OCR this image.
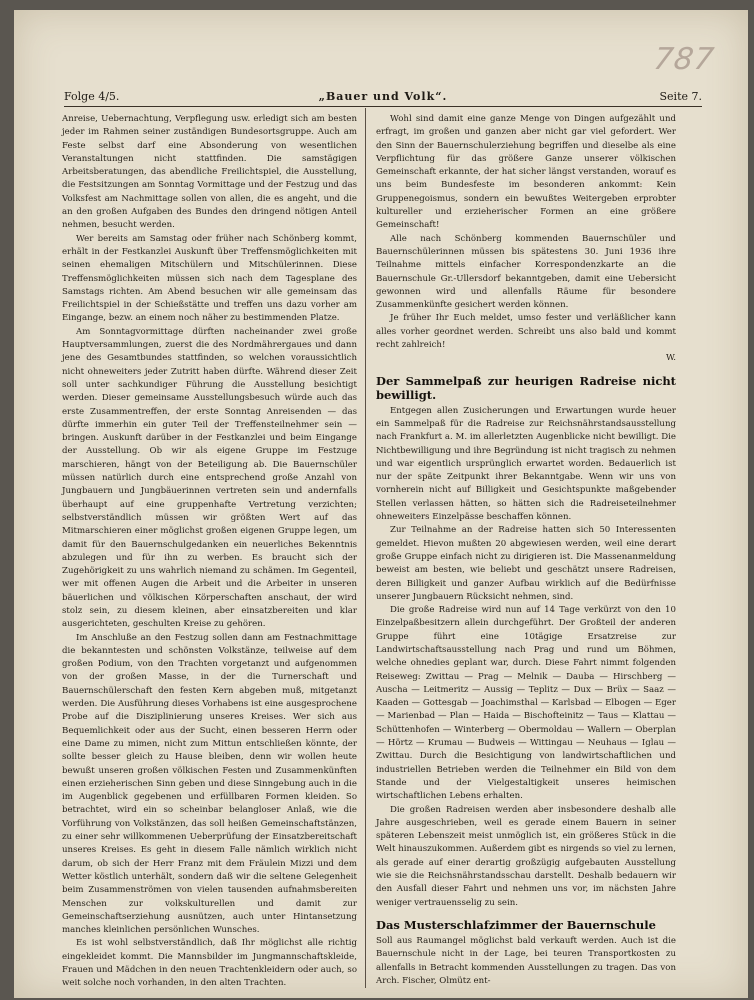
787
Folge 4/5.	„Bauer und Volk“.	Seite 7.

Anreise, Uebernachtung, Verpflegung usw. erledigt sich am besten jeder im Rahmen seiner zuständigen Bundesortsgruppe. Auch am Feste selbst darf eine Absonderung von wesentlichen Veranstaltungen nicht stattfinden. Die samstägigen Arbeitsberatungen, das abendliche Freilichtspiel, die Ausstellung, die Festsitzungen am Sonntag Vormittage und der Festzug und das Volksfest am Nachmittage sollen von allen, die es angeht, und die an den großen Aufgaben des Bundes den dringend nötigen Anteil nehmen, besucht werden.

Wer bereits am Samstag oder früher nach Schönberg kommt, erhält in der Festkanzlei Auskunft über Treffensmöglichkeiten mit seinen ehemaligen Mitschülern und Mitschülerinnen. Diese Treffensmöglichkeiten müssen sich nach dem Tagesplane des Samstags richten. Am Abend besuchen wir alle gemeinsam das Freilichtspiel in der Schießstätte und treffen uns dazu vorher am Eingange, bezw. an einem noch näher zu bestimmenden Platze.

Am Sonntagvormittage dürften nacheinander zwei große Hauptversammlungen, zuerst die des Nordmährergaues und dann jene des Gesamtbundes stattfinden, so welchen voraussichtlich nicht ohneweiters jeder Zutritt haben dürfte. Während dieser Zeit soll unter sachkundiger Führung die Ausstellung besichtigt werden. Dieser gemeinsame Ausstellungsbesuch würde auch das erste Zusammentreffen, der erste Sonntag Anreisenden — das dürfte immerhin ein guter Teil der Treffensteilnehmer sein — bringen. Auskunft darüber in der Festkanzlei und beim Eingange der Ausstellung. Ob wir als eigene Gruppe im Festzuge marschieren, hängt von der Beteiligung ab. Die Bauernschüler müssen natürlich durch eine entsprechend große Anzahl von Jungbauern und Jungbäuerinnen vertreten sein und andernfalls überhaupt auf eine gruppenhafte Vertretung verzichten; selbstverständlich müssen wir größten Wert auf das Mitmarschieren einer möglichst großen eigenen Gruppe legen, um damit für den Bauernschulgedanken ein neuerliches Bekenntnis abzulegen und für ihn zu werben. Es braucht sich der Zugehörigkeit zu uns wahrlich niemand zu schämen. Im Gegenteil, wer mit offenen Augen die Arbeit und die Arbeiter in unseren bäuerlichen und völkischen Körperschaften anschaut, der wird stolz sein, zu diesem kleinen, aber einsatzbereiten und klar ausgerichteten, geschulten Kreise zu gehören.

Im Anschluße an den Festzug sollen dann am Festnachmittage die bekanntesten und schönsten Volkstänze, teilweise auf dem großen Podium, von den Trachten vorgetanzt und aufgenommen von der großen Masse, in der die Turnerschaft und Bauernschülerschaft den festen Kern abgeben muß, mitgetanzt werden. Die Ausführung dieses Vorhabens ist eine ausgesprochene Probe auf die Disziplinierung unseres Kreises. Wer sich aus Bequemlichkeit oder aus der Sucht, einen besseren Herrn oder eine Dame zu mimen, nicht zum Mittun entschließen könnte, der sollte besser gleich zu Hause bleiben, denn wir wollen heute bewußt unseren großen völkischen Festen und Zusammenkünften einen erzieherischen Sinn geben und diese Sinngebung auch in die im Augenblick gegebenen und erfüllbaren Formen kleiden. So betrachtet, wird ein so scheinbar belangloser Anlaß, wie die Vorführung von Volkstänzen, das soll heißen Gemeinschaftstänzen, zu einer sehr willkommenen Ueberprüfung der Einsatzbereitschaft unseres Kreises. Es geht in diesem Falle nämlich wirklich nicht darum, ob sich der Herr Franz mit dem Fräulein Mizzi und dem Wetter köstlich unterhält, sondern daß wir die seltene Gelegenheit beim Zusammenströmen von vielen tausenden aufnahmsbereiten Menschen zur volkskulturellen und damit zur Gemeinschaftserziehung ausnützen, auch unter Hintansetzung manches kleinlichen persönlichen Wunsches.

Es ist wohl selbstverständlich, daß Ihr möglichst alle richtig eingekleidet kommt. Die Mannsbilder im Jungmannschaftskleide, Frauen und Mädchen in den neuen Trachtenkleidern oder auch, so weit solche noch vorhanden, in den alten Trachten.

Wohl sind damit eine ganze Menge von Dingen aufgezählt und erfragt, im großen und ganzen aber nicht gar viel gefordert. Wer den Sinn der Bauernschulerziehung begriffen und dieselbe als eine Verpflichtung für das größere Ganze unserer völkischen Gemeinschaft erkannte, der hat sicher längst verstanden, worauf es uns beim Bundesfeste im besonderen ankommt: Kein Gruppenegoismus, sondern ein bewußtes Weitergeben erprobter kultureller und erzieherischer Formen an eine größere Gemeinschaft!

Alle nach Schönberg kommenden Bauernschüler und Bauernschülerinnen müssen bis spätestens 30. Juni 1936 ihre Teilnahme mittels einfacher Korrespondenzkarte an die Bauernschule Gr.-Ullersdorf bekanntgeben, damit eine Uebersicht gewonnen wird und allenfalls Räume für besondere Zusammenkünfte gesichert werden können.

Je früher Ihr Euch meldet, umso fester und verläßlicher kann alles vorher geordnet werden. Schreibt uns also bald und kommt recht zahlreich!

W.

Der Sammelpaß zur heurigen Radreise nicht bewilligt.

Entgegen allen Zusicherungen und Erwartungen wurde heuer ein Sammelpaß für die Radreise zur Reichsnährstandsausstellung nach Frankfurt a. M. im allerletzten Augenblicke nicht bewilligt. Die Nichtbewilligung und ihre Begründung ist nicht tragisch zu nehmen und war eigentlich ursprünglich erwartet worden. Bedauerlich ist nur der späte Zeitpunkt ihrer Bekanntgabe. Wenn wir uns von vornherein nicht auf Billigkeit und Gesichtspunkte maßgebender Stellen verlassen hätten, so hätten sich die Radreiseteilnehmer ohneweiters Einzelpässe beschaffen können.

Zur Teilnahme an der Radreise hatten sich 50 Interessenten gemeldet. Hievon mußten 20 abgewiesen werden, weil eine derart große Gruppe einfach nicht zu dirigieren ist. Die Massenanmeldung beweist am besten, wie beliebt und geschätzt unsere Radreisen, deren Billigkeit und ganzer Aufbau wirklich auf die Bedürfnisse unserer Jungbauern Rücksicht nehmen, sind.

Die große Radreise wird nun auf 14 Tage verkürzt von den 10 Einzelpaßbesitzern allein durchgeführt. Der Großteil der anderen Gruppe führt eine 10tägige Ersatzreise zur Landwirtschaftsausstellung nach Prag und rund um Böhmen, welche ohnedies geplant war, durch. Diese Fahrt nimmt folgenden Reiseweg: Zwittau — Prag — Melnik — Dauba — Hirschberg — Auscha — Leitmeritz — Aussig — Teplitz — Dux — Brüx — Saaz — Kaaden — Gottesgab — Joachimsthal — Karlsbad — Elbogen — Eger — Marienbad — Plan — Haida — Bischofteinitz — Taus — Klattau — Schüttenhofen — Winterberg — Obermoldau — Wallern — Oberplan — Hörtz — Krumau — Budweis — Wittingau — Neuhaus — Iglau — Zwittau. Durch die Besichtigung von landwirtschaftlichen und industriellen Betrieben werden die Teilnehmer ein Bild von dem Stande und der Vielgestaltigkeit unseres heimischen wirtschaftlichen Lebens erhalten.

Die großen Radreisen werden aber insbesondere deshalb alle Jahre ausgeschrieben, weil es gerade einem Bauern in seiner späteren Lebenszeit meist unmöglich ist, ein größeres Stück in die Welt hinauszukommen. Außerdem gibt es nirgends so viel zu lernen, als gerade auf einer derartig großzügig aufgebauten Ausstellung wie sie die Reichsnährstandsschau darstellt. Deshalb bedauern wir den Ausfall dieser Fahrt und nehmen uns vor, im nächsten Jahre weniger vertrauensselig zu sein.

Das Musterschlafzimmer der Bauernschule

Soll aus Raumangel möglichst bald verkauft werden. Auch ist die Bauernschule nicht in der Lage, bei teuren Transportkosten zu allenfalls in Betracht kommenden Ausstellungen zu tragen. Das von Arch. Fischer, Olmütz ent-
